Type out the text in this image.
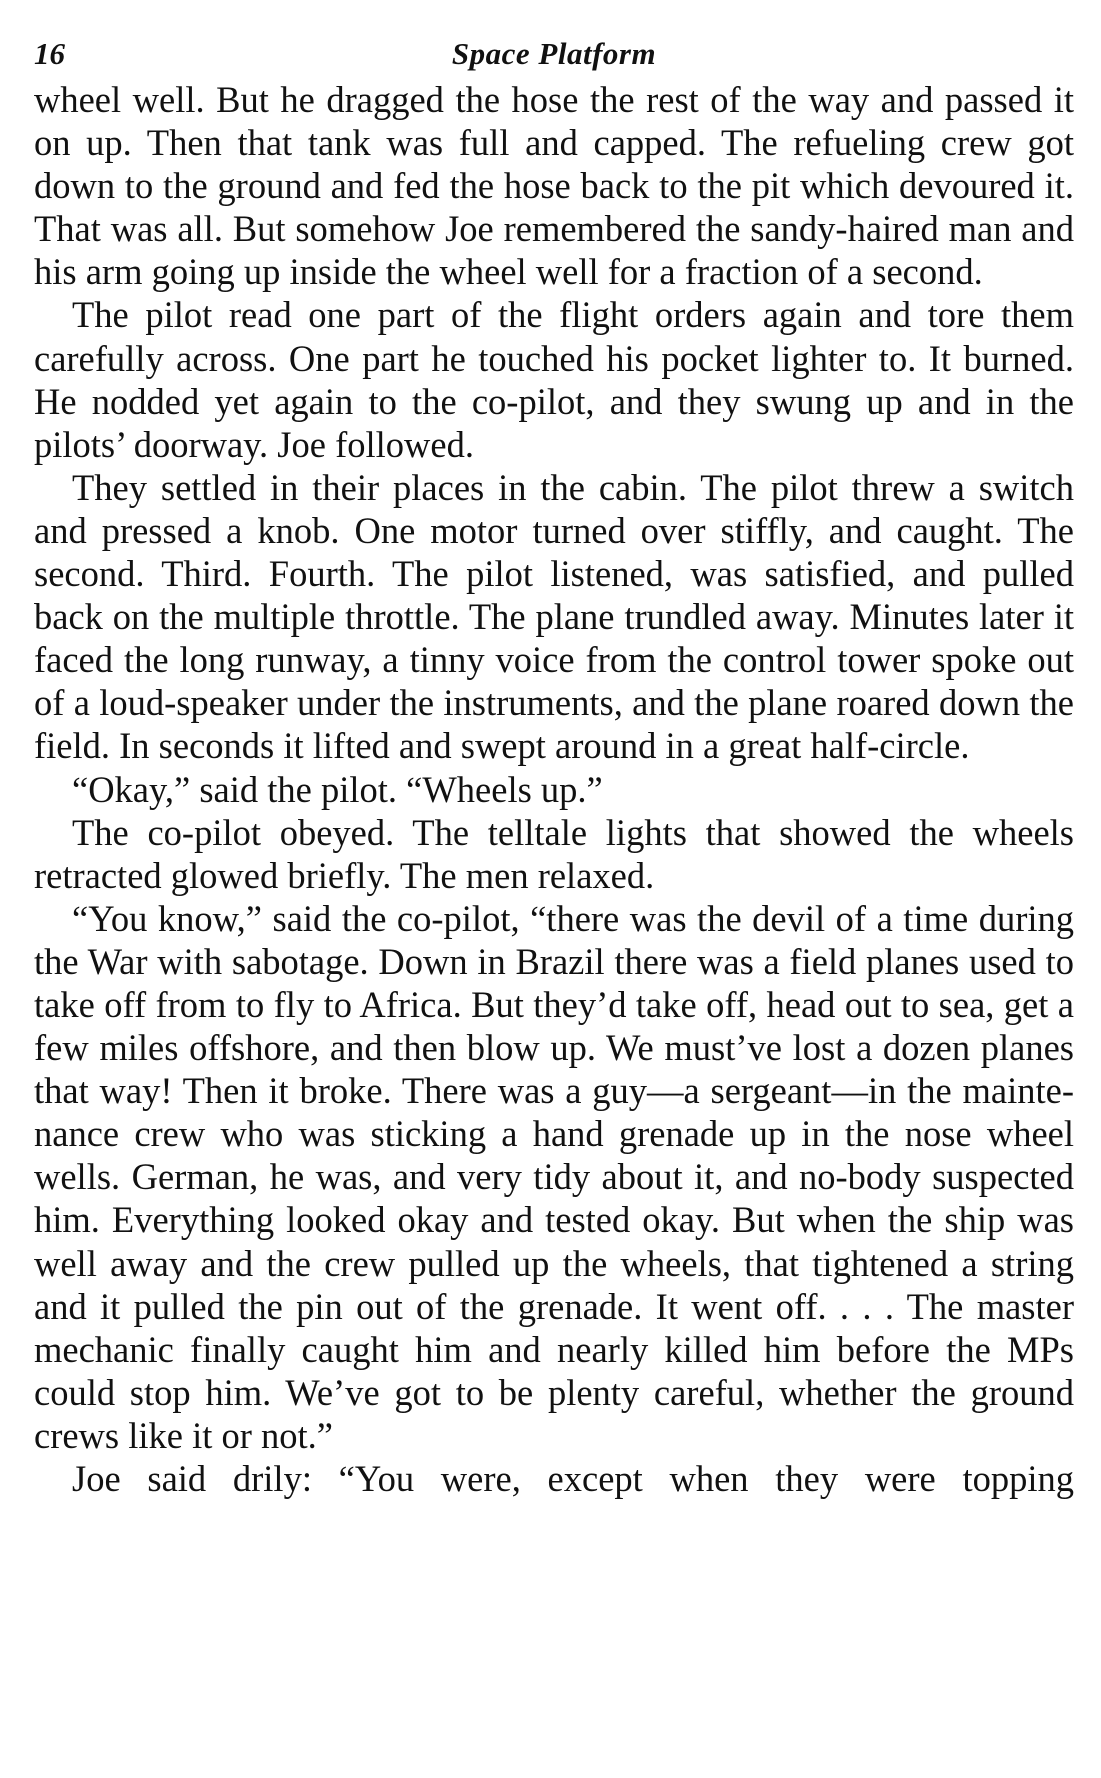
16	Space Platform

wheel well. But he dragged the hose the rest of the way and passed it on up. Then that tank was full and capped. The refueling crew got down to the ground and fed the hose back to the pit which devoured it. That was all. But somehow Joe remembered the sandy-haired man and his arm going up inside the wheel well for a fraction of a second.

The pilot read one part of the flight orders again and tore them carefully across. One part he touched his pocket lighter to. It burned. He nodded yet again to the co-pilot, and they swung up and in the pilots’ doorway. Joe followed.

They settled in their places in the cabin. The pilot threw a switch and pressed a knob. One motor turned over stiffly, and caught. The second. Third. Fourth. The pilot listened, was satisfied, and pulled back on the multiple throttle. The plane trundled away. Minutes later it faced the long runway, a tinny voice from the control tower spoke out of a loud-speaker under the instruments, and the plane roared down the field. In seconds it lifted and swept around in a great half-circle.

“Okay,” said the pilot. “Wheels up.”

The co-pilot obeyed. The telltale lights that showed the wheels retracted glowed briefly. The men relaxed.

“You know,” said the co-pilot, “there was the devil of a time during the War with sabotage. Down in Brazil there was a field planes used to take off from to fly to Africa. But they’d take off, head out to sea, get a few miles offshore, and then blow up. We must’ve lost a dozen planes that way! Then it broke. There was a guy—a sergeant—in the mainte-nance crew who was sticking a hand grenade up in the nose wheel wells. German, he was, and very tidy about it, and no-body suspected him. Everything looked okay and tested okay. But when the ship was well away and the crew pulled up the wheels, that tightened a string and it pulled the pin out of the grenade. It went off. . . . The master mechanic finally caught him and nearly killed him before the MPs could stop him. We’ve got to be plenty careful, whether the ground crews like it or not.”

Joe said drily: “You were, except when they were topping
